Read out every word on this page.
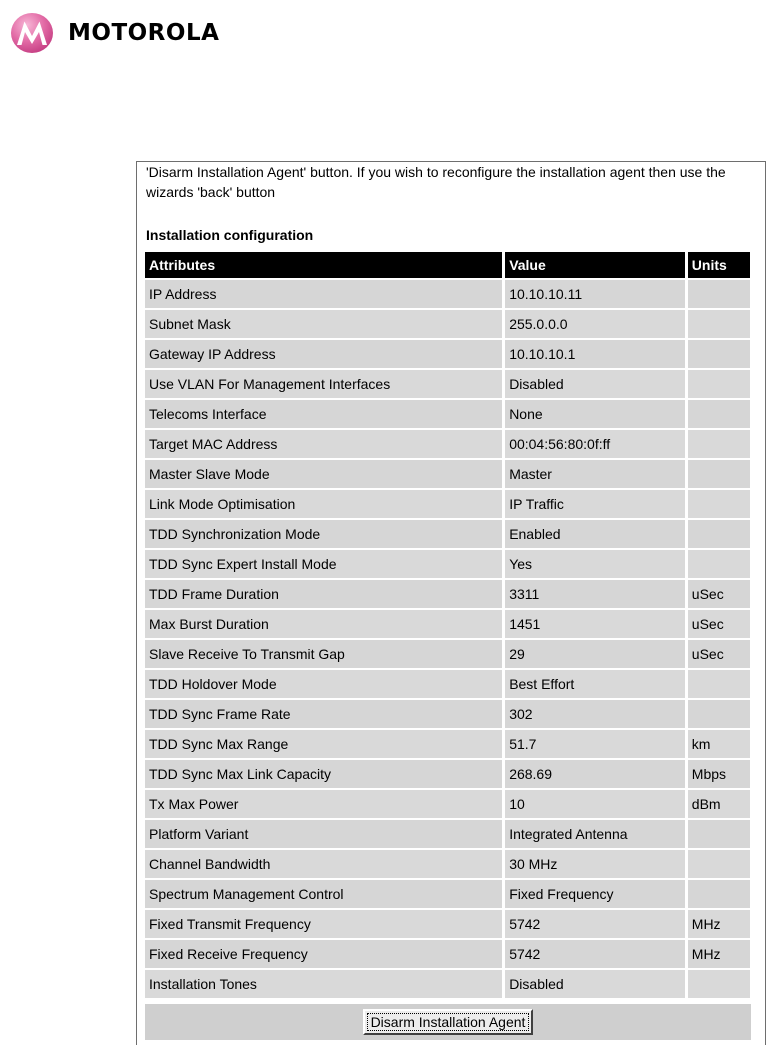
MOTOROLA
'Disarm Installation Agent' button. If you wish to reconfigure the installation agent then use the wizards 'back' button
Installation configuration
Attributes	Value	Units
IP Address	10.10.10.11	
Subnet Mask	255.0.0.0	
Gateway IP Address	10.10.10.1	
Use VLAN For Management Interfaces	Disabled	
Telecoms Interface	None	
Target MAC Address	00:04:56:80:0f:ff	
Master Slave Mode	Master	
Link Mode Optimisation	IP Traffic	
TDD Synchronization Mode	Enabled	
TDD Sync Expert Install Mode	Yes	
TDD Frame Duration	3311	uSec
Max Burst Duration	1451	uSec
Slave Receive To Transmit Gap	29	uSec
TDD Holdover Mode	Best Effort	
TDD Sync Frame Rate	302	
TDD Sync Max Range	51.7	km
TDD Sync Max Link Capacity	268.69	Mbps
Tx Max Power	10	dBm
Platform Variant	Integrated Antenna	
Channel Bandwidth	30 MHz	
Spectrum Management Control	Fixed Frequency	
Fixed Transmit Frequency	5742	MHz
Fixed Receive Frequency	5742	MHz
Installation Tones	Disabled	
Disarm Installation Agent
